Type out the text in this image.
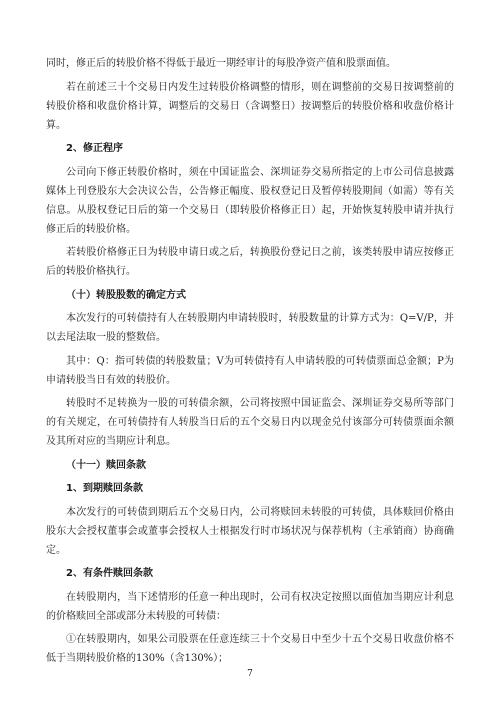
同时，修正后的转股价格不得低于最近一期经审计的每股净资产值和股票面值。

若在前述三十个交易日内发生过转股价格调整的情形，则在调整前的交易日按调整前的转股价格和收盘价格计算，调整后的交易日（含调整日）按调整后的转股价格和收盘价格计算。

2、修正程序

公司向下修正转股价格时，须在中国证监会、深圳证券交易所指定的上市公司信息披露媒体上刊登股东大会决议公告，公告修正幅度、股权登记日及暂停转股期间（如需）等有关信息。从股权登记日后的第一个交易日（即转股价格修正日）起，开始恢复转股申请并执行修正后的转股价格。

若转股价格修正日为转股申请日或之后，转换股份登记日之前，该类转股申请应按修正后的转股价格执行。

（十）转股股数的确定方式

本次发行的可转债持有人在转股期内申请转股时，转股数量的计算方式为：Q=V/P，并以去尾法取一股的整数倍。

其中：Q：指可转债的转股数量；V为可转债持有人申请转股的可转债票面总金额；P为申请转股当日有效的转股价。

转股时不足转换为一股的可转债余额，公司将按照中国证监会、深圳证券交易所等部门的有关规定，在可转债持有人转股当日后的五个交易日内以现金兑付该部分可转债票面余额及其所对应的当期应计利息。

（十一）赎回条款
1、到期赎回条款

本次发行的可转债到期后五个交易日内，公司将赎回未转股的可转债，具体赎回价格由股东大会授权董事会或董事会授权人士根据发行时市场状况与保荐机构（主承销商）协商确定。

2、有条件赎回条款

在转股期内，当下述情形的任意一种出现时，公司有权决定按照以面值加当期应计利息的价格赎回全部或部分未转股的可转债：

①在转股期内，如果公司股票在任意连续三十个交易日中至少十五个交易日收盘价格不低于当期转股价格的130%（含130%）；

7
